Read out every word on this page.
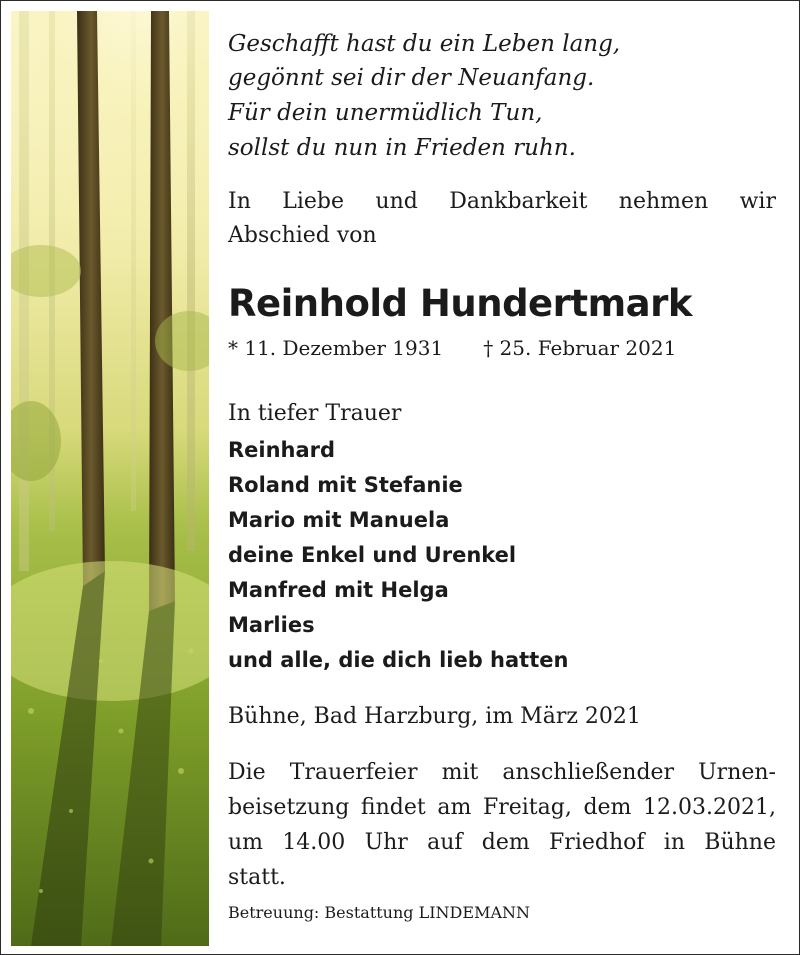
Geschafft hast du ein Leben lang,
gegönnt sei dir der Neuanfang.
Für dein unermüdlich Tun,
sollst du nun in Frieden ruhn.
In Liebe und Dankbarkeit nehmen wir
Abschied von
Reinhold Hundertmark
* 11. Dezember 1931 † 25. Februar 2021
In tiefer Trauer
Reinhard
Roland mit Stefanie
Mario mit Manuela
deine Enkel und Urenkel
Manfred mit Helga
Marlies
und alle, die dich lieb hatten
Bühne, Bad Harzburg, im März 2021
Die Trauerfeier mit anschließender Urnen-
beisetzung findet am Freitag, dem 12.03.2021,
um 14.00 Uhr auf dem Friedhof in Bühne
statt.
Betreuung: Bestattung LINDEMANN
